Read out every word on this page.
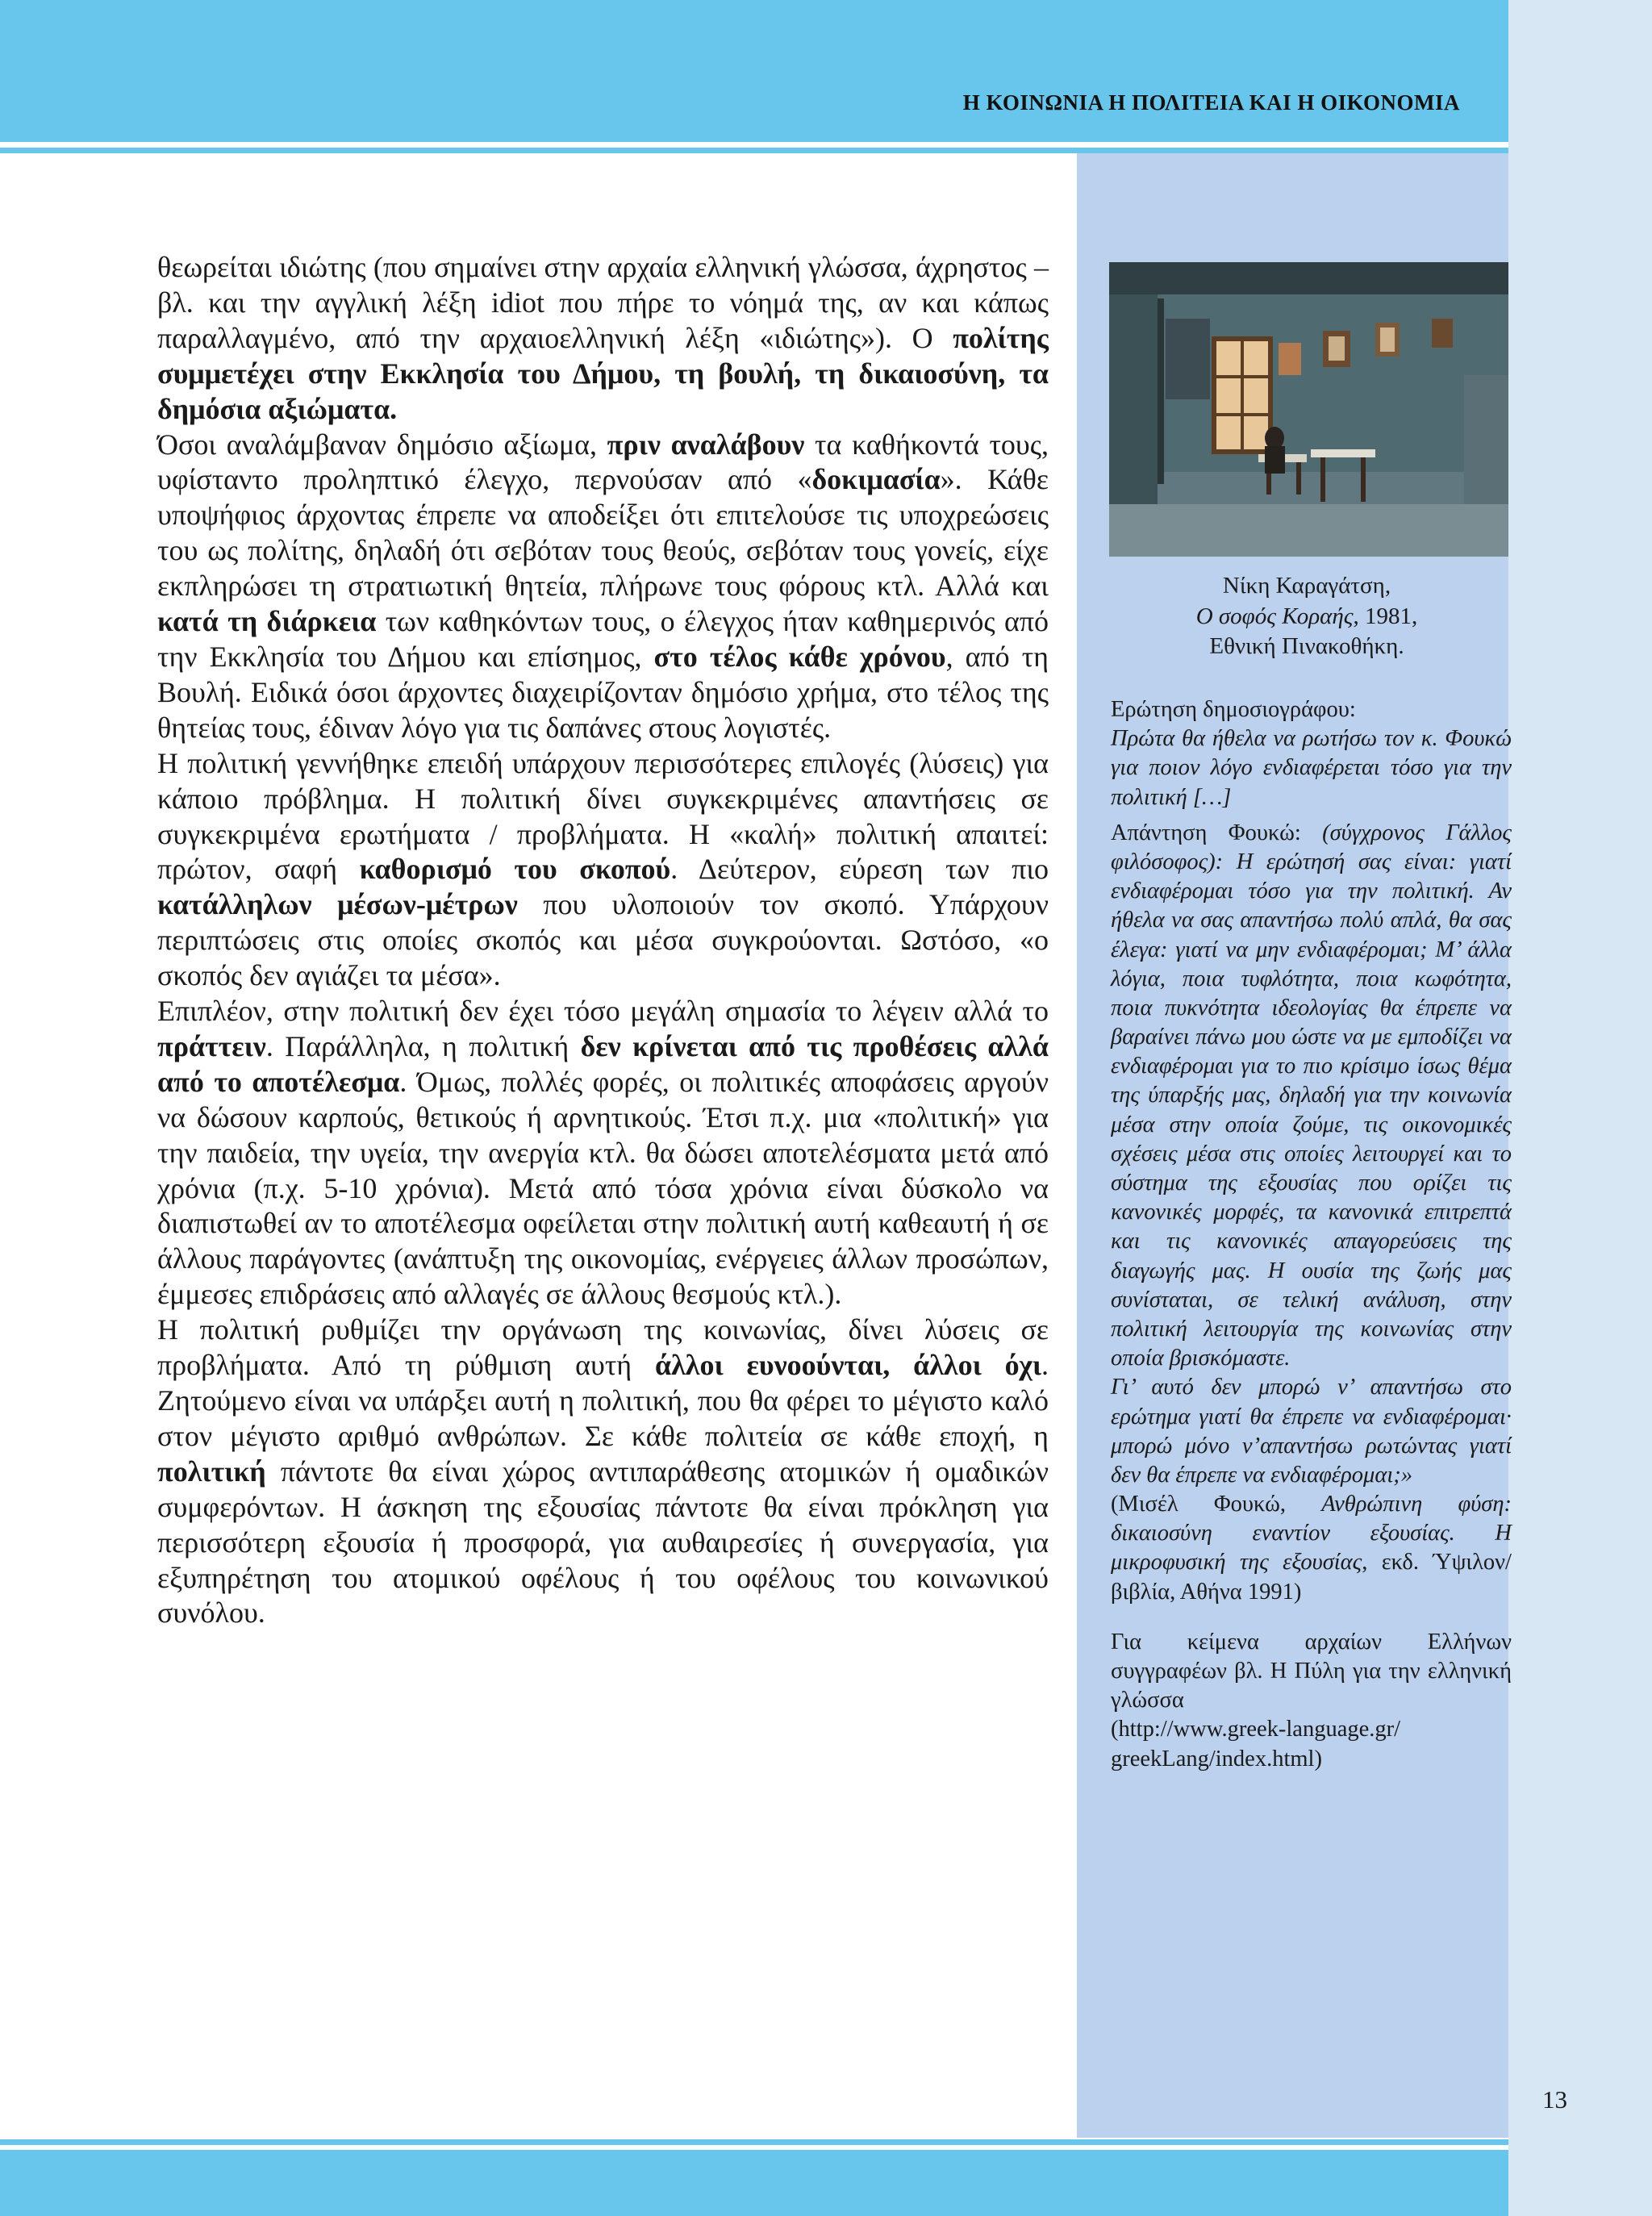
Η ΚΟΙΝΩΝΙΑ Η ΠΟΛΙΤΕΙΑ ΚΑΙ Η ΟΙΚΟΝΟΜΙΑ

θεωρείται ιδιώτης (που σημαίνει στην αρχαία ελληνική γλώσσα, άχρηστος –βλ. και την αγγλική λέξη idiot που πήρε το νόημά της, αν και κάπως παραλλαγμένο, από την αρχαιοελληνική λέξη «ιδιώτης»). Ο πολίτης συμμετέχει στην Εκκλησία του Δήμου, τη βουλή, τη δικαιοσύνη, τα δημόσια αξιώματα.

Όσοι αναλάμβαναν δημόσιο αξίωμα, πριν αναλάβουν τα καθήκοντά τους, υφίσταντο προληπτικό έλεγχο, περνούσαν από «δοκιμασία». Κάθε υποψήφιος άρχοντας έπρεπε να αποδείξει ότι επιτελούσε τις υποχρεώσεις του ως πολίτης, δηλαδή ότι σεβόταν τους θεούς, σεβόταν τους γονείς, είχε εκπληρώσει τη στρατιωτική θητεία, πλήρωνε τους φόρους κτλ. Αλλά και κατά τη διάρκεια των καθηκόντων τους, ο έλεγχος ήταν καθημερινός από την Εκκλησία του Δήμου και επίσημος, στο τέλος κάθε χρόνου, από τη Βουλή. Ειδικά όσοι άρχοντες διαχειρίζονταν δημόσιο χρήμα, στο τέλος της θητείας τους, έδιναν λόγο για τις δαπάνες στους λογιστές.

Η πολιτική γεννήθηκε επειδή υπάρχουν περισσότερες επιλογές (λύσεις) για κάποιο πρόβλημα. Η πολιτική δίνει συγκεκριμένες απαντήσεις σε συγκεκριμένα ερωτήματα / προβλήματα. Η «καλή» πολιτική απαιτεί: πρώτον, σαφή καθορισμό του σκοπού. Δεύτερον, εύρεση των πιο κατάλληλων μέσων-μέτρων που υλοποιούν τον σκοπό. Υπάρχουν περιπτώσεις στις οποίες σκοπός και μέσα συγκρούονται. Ωστόσο, «ο σκοπός δεν αγιάζει τα μέσα».

Επιπλέον, στην πολιτική δεν έχει τόσο μεγάλη σημασία το λέγειν αλλά το πράττειν. Παράλληλα, η πολιτική δεν κρίνεται από τις προθέσεις αλλά από το αποτέλεσμα. Όμως, πολλές φορές, οι πολιτικές αποφάσεις αργούν να δώσουν καρπούς, θετικούς ή αρνητικούς. Έτσι π.χ. μια «πολιτική» για την παιδεία, την υγεία, την ανεργία κτλ. θα δώσει αποτελέσματα μετά από χρόνια (π.χ. 5-10 χρόνια). Μετά από τόσα χρόνια είναι δύσκολο να διαπιστωθεί αν το αποτέλεσμα οφείλεται στην πολιτική αυτή καθεαυτή ή σε άλλους παράγοντες (ανάπτυξη της οικονομίας, ενέργειες άλλων προσώπων, έμμεσες επιδράσεις από αλλαγές σε άλλους θεσμούς κτλ.).

Η πολιτική ρυθμίζει την οργάνωση της κοινωνίας, δίνει λύσεις σε προβλήματα. Από τη ρύθμιση αυτή άλλοι ευνοούνται, άλλοι όχι. Ζητούμενο είναι να υπάρξει αυτή η πολιτική, που θα φέρει το μέγιστο καλό στον μέγιστο αριθμό ανθρώπων. Σε κάθε πολιτεία σε κάθε εποχή, η πολιτική πάντοτε θα είναι χώρος αντιπαράθεσης ατομικών ή ομαδικών συμφερόντων. Η άσκηση της εξουσίας πάντοτε θα είναι πρόκληση για περισσότερη εξουσία ή προσφορά, για αυθαιρεσίες ή συνεργασία, για εξυπηρέτηση του ατομικού οφέλους ή του οφέλους του κοινωνικού συνόλου.

Νίκη Καραγάτση,

Ο σοφός Κοραής, 1981,

Εθνική Πινακοθήκη.

Ερώτηση δημοσιογράφου:

Πρώτα θα ήθελα να ρωτήσω τον κ. Φουκώ για ποιον λόγο ενδιαφέρεται τόσο για την πολιτική […]

Απάντηση Φουκώ: (σύγχρονος Γάλλος φιλόσοφος): Η ερώτησή σας είναι: γιατί ενδιαφέρομαι τόσο για την πολιτική. Αν ήθελα να σας απαντήσω πολύ απλά, θα σας έλεγα: γιατί να μην ενδιαφέρομαι; Μ’ άλλα λόγια, ποια τυφλότητα, ποια κωφότητα, ποια πυκνότητα ιδεολογίας θα έπρεπε να βαραίνει πάνω μου ώστε να με εμποδίζει να ενδιαφέρομαι για το πιο κρίσιμο ίσως θέμα της ύπαρξής μας, δηλαδή για την κοινωνία μέσα στην οποία ζούμε, τις οικονομικές σχέσεις μέσα στις οποίες λειτουργεί και το σύστημα της εξουσίας που ορίζει τις κανονικές μορφές, τα κανονικά επιτρεπτά και τις κανονικές απαγορεύσεις της διαγωγής μας. Η ουσία της ζωής μας συνίσταται, σε τελική ανάλυση, στην πολιτική λειτουργία της κοινωνίας στην οποία βρισκόμαστε.

Γι’ αυτό δεν μπορώ ν’ απαντήσω στο ερώτημα γιατί θα έπρεπε να ενδιαφέρομαι· μπορώ μόνο ν’απαντήσω ρωτώντας γιατί δεν θα έπρεπε να ενδιαφέρομαι;»

(Μισέλ Φουκώ, Ανθρώπινη φύση: δικαιοσύνη εναντίον εξουσίας. Η μικροφυσική της εξουσίας, εκδ. Ύψιλον/ βιβλία, Αθήνα 1991)

Για κείμενα αρχαίων Ελλήνων συγγραφέων βλ. Η Πύλη για την ελληνική γλώσσα

(http://www.greek-language.gr/ greekLang/index.html)

13
